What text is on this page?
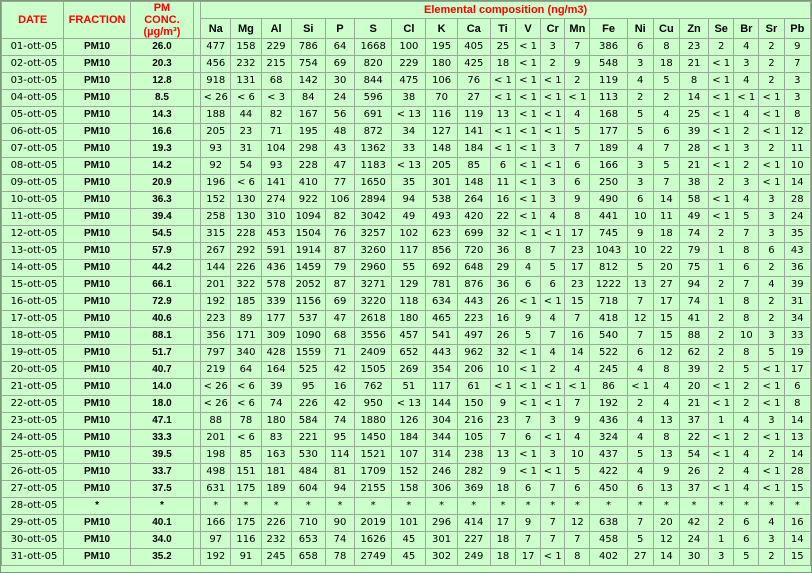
DATE	FRACTION	PM
CONC.
(µg/m³)		Elemental composition (ng/m3)																				
				Na	Mg	Al	Si	P	S	Cl	K	Ca	Ti	V	Cr	Mn	Fe	Ni	Cu	Zn	Se	Br	Sr	Pb
01-ott-05	PM10	26.0		477	158	229	786	64	1668	100	195	405	25	< 1	3	7	386	6	8	23	2	4	2	9
02-ott-05	PM10	20.3		456	232	215	754	69	820	229	180	425	18	< 1	2	9	548	3	18	21	< 1	3	2	7
03-ott-05	PM10	12.8		918	131	68	142	30	844	475	106	76	< 1	< 1	< 1	2	119	4	5	8	< 1	4	2	3
04-ott-05	PM10	8.5		< 26	< 6	< 3	84	24	596	38	70	27	< 1	< 1	< 1	< 1	113	2	2	14	< 1	< 1	< 1	3
05-ott-05	PM10	14.3		188	44	82	167	56	691	< 13	116	119	13	< 1	< 1	4	168	5	4	25	< 1	4	< 1	8
06-ott-05	PM10	16.6		205	23	71	195	48	872	34	127	141	< 1	< 1	< 1	5	177	5	6	39	< 1	2	< 1	12
07-ott-05	PM10	19.3		93	31	104	298	43	1362	33	148	184	< 1	< 1	3	7	189	4	7	28	< 1	3	2	11
08-ott-05	PM10	14.2		92	54	93	228	47	1183	< 13	205	85	6	< 1	< 1	6	166	3	5	21	< 1	2	< 1	10
09-ott-05	PM10	20.9		196	< 6	141	410	77	1650	35	301	148	11	< 1	3	6	250	3	7	38	2	3	< 1	14
10-ott-05	PM10	36.3		152	130	274	922	106	2894	94	538	264	16	< 1	3	9	490	6	14	58	< 1	4	3	28
11-ott-05	PM10	39.4		258	130	310	1094	82	3042	49	493	420	22	< 1	4	8	441	10	11	49	< 1	5	3	24
12-ott-05	PM10	54.5		315	228	453	1504	76	3257	102	623	699	32	< 1	< 1	17	745	9	18	74	2	7	3	35
13-ott-05	PM10	57.9		267	292	591	1914	87	3260	117	856	720	36	8	7	23	1043	10	22	79	1	8	6	43
14-ott-05	PM10	44.2		144	226	436	1459	79	2960	55	692	648	29	4	5	17	812	5	20	75	1	6	2	36
15-ott-05	PM10	66.1		201	322	578	2052	87	3271	129	781	876	36	6	6	23	1222	13	27	94	2	7	4	39
16-ott-05	PM10	72.9		192	185	339	1156	69	3220	118	634	443	26	< 1	< 1	15	718	7	17	74	1	8	2	31
17-ott-05	PM10	40.6		223	89	177	537	47	2618	180	465	223	16	9	4	7	418	12	15	41	2	8	2	34
18-ott-05	PM10	88.1		356	171	309	1090	68	3556	457	541	497	26	5	7	16	540	7	15	88	2	10	3	33
19-ott-05	PM10	51.7		797	340	428	1559	71	2409	652	443	962	32	< 1	4	14	522	6	12	62	2	8	5	19
20-ott-05	PM10	40.7		219	64	164	525	42	1505	269	354	206	10	< 1	2	4	245	4	8	39	2	5	< 1	17
21-ott-05	PM10	14.0		< 26	< 6	39	95	16	762	51	117	61	< 1	< 1	< 1	< 1	86	< 1	4	20	< 1	2	< 1	6
22-ott-05	PM10	18.0		< 26	< 6	74	226	42	950	< 13	144	150	9	< 1	< 1	7	192	2	4	21	< 1	2	< 1	8
23-ott-05	PM10	47.1		88	78	180	584	74	1880	126	304	216	23	7	3	9	436	4	13	37	1	4	3	14
24-ott-05	PM10	33.3		201	< 6	83	221	95	1450	184	344	105	7	6	< 1	4	324	4	8	22	< 1	2	< 1	13
25-ott-05	PM10	39.5		198	85	163	530	114	1521	107	314	238	13	< 1	3	10	437	5	13	54	< 1	4	2	14
26-ott-05	PM10	33.7		498	151	181	484	81	1709	152	246	282	9	< 1	< 1	5	422	4	9	26	2	4	< 1	28
27-ott-05	PM10	37.5		631	175	189	604	94	2155	158	306	369	18	6	7	6	450	6	13	37	< 1	4	< 1	15
28-ott-05	*	*		*	*	*	*	*	*	*	*	*	*	*	*	*	*	*	*	*	*	*	*	*
29-ott-05	PM10	40.1		166	175	226	710	90	2019	101	296	414	17	9	7	12	638	7	20	42	2	6	4	16
30-ott-05	PM10	34.0		97	116	232	653	74	1626	45	301	227	18	7	7	7	458	5	12	24	1	6	3	14
31-ott-05	PM10	35.2		192	91	245	658	78	2749	45	302	249	18	17	< 1	8	402	27	14	30	3	5	2	15
